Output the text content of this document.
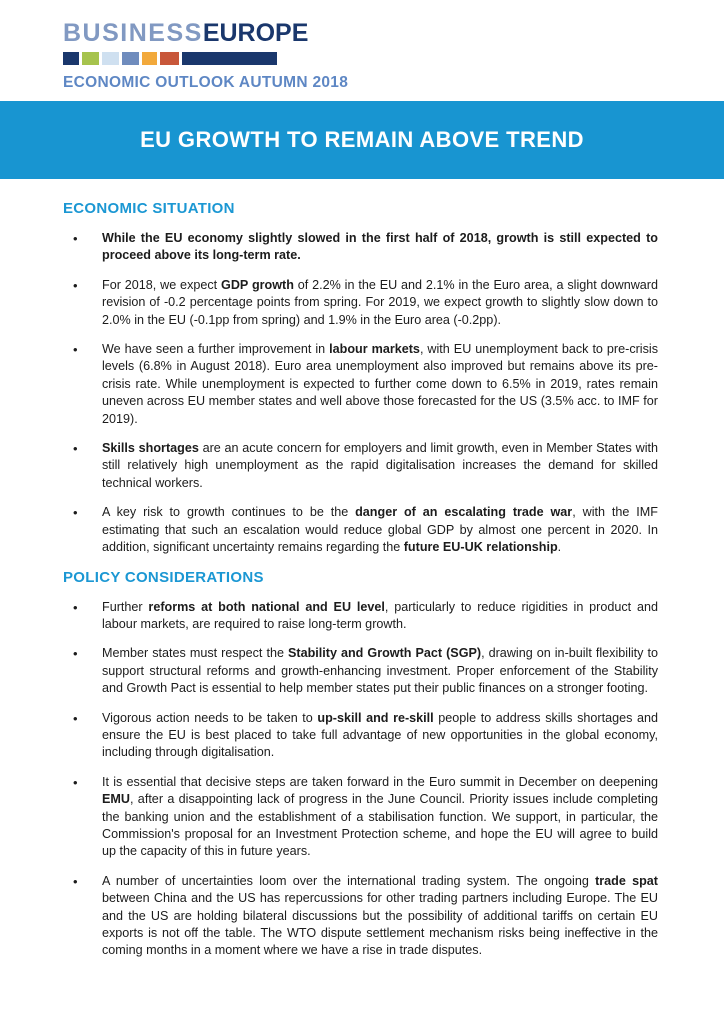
BUSINESSEUROPE
ECONOMIC OUTLOOK AUTUMN 2018
EU GROWTH TO REMAIN ABOVE TREND
ECONOMIC SITUATION
• While the EU economy slightly slowed in the first half of 2018, growth is still expected to proceed above its long-term rate.
• For 2018, we expect GDP growth of 2.2% in the EU and 2.1% in the Euro area, a slight downward revision of -0.2 percentage points from spring. For 2019, we expect growth to slightly slow down to 2.0% in the EU (-0.1pp from spring) and 1.9% in the Euro area (-0.2pp).
• We have seen a further improvement in labour markets, with EU unemployment back to pre-crisis levels (6.8% in August 2018). Euro area unemployment also improved but remains above its pre-crisis rate. While unemployment is expected to further come down to 6.5% in 2019, rates remain uneven across EU member states and well above those forecasted for the US (3.5% acc. to IMF for 2019).
• Skills shortages are an acute concern for employers and limit growth, even in Member States with still relatively high unemployment as the rapid digitalisation increases the demand for skilled technical workers.
• A key risk to growth continues to be the danger of an escalating trade war, with the IMF estimating that such an escalation would reduce global GDP by almost one percent in 2020. In addition, significant uncertainty remains regarding the future EU-UK relationship.
POLICY CONSIDERATIONS
• Further reforms at both national and EU level, particularly to reduce rigidities in product and labour markets, are required to raise long-term growth.
• Member states must respect the Stability and Growth Pact (SGP), drawing on in-built flexibility to support structural reforms and growth-enhancing investment. Proper enforcement of the Stability and Growth Pact is essential to help member states put their public finances on a stronger footing.
• Vigorous action needs to be taken to up-skill and re-skill people to address skills shortages and ensure the EU is best placed to take full advantage of new opportunities in the global economy, including through digitalisation.
• It is essential that decisive steps are taken forward in the Euro summit in December on deepening EMU, after a disappointing lack of progress in the June Council. Priority issues include completing the banking union and the establishment of a stabilisation function. We support, in particular, the Commission's proposal for an Investment Protection scheme, and hope the EU will agree to build up the capacity of this in future years.
• A number of uncertainties loom over the international trading system. The ongoing trade spat between China and the US has repercussions for other trading partners including Europe. The EU and the US are holding bilateral discussions but the possibility of additional tariffs on certain EU exports is not off the table. The WTO dispute settlement mechanism risks being ineffective in the coming months in a moment where we have a rise in trade disputes.
